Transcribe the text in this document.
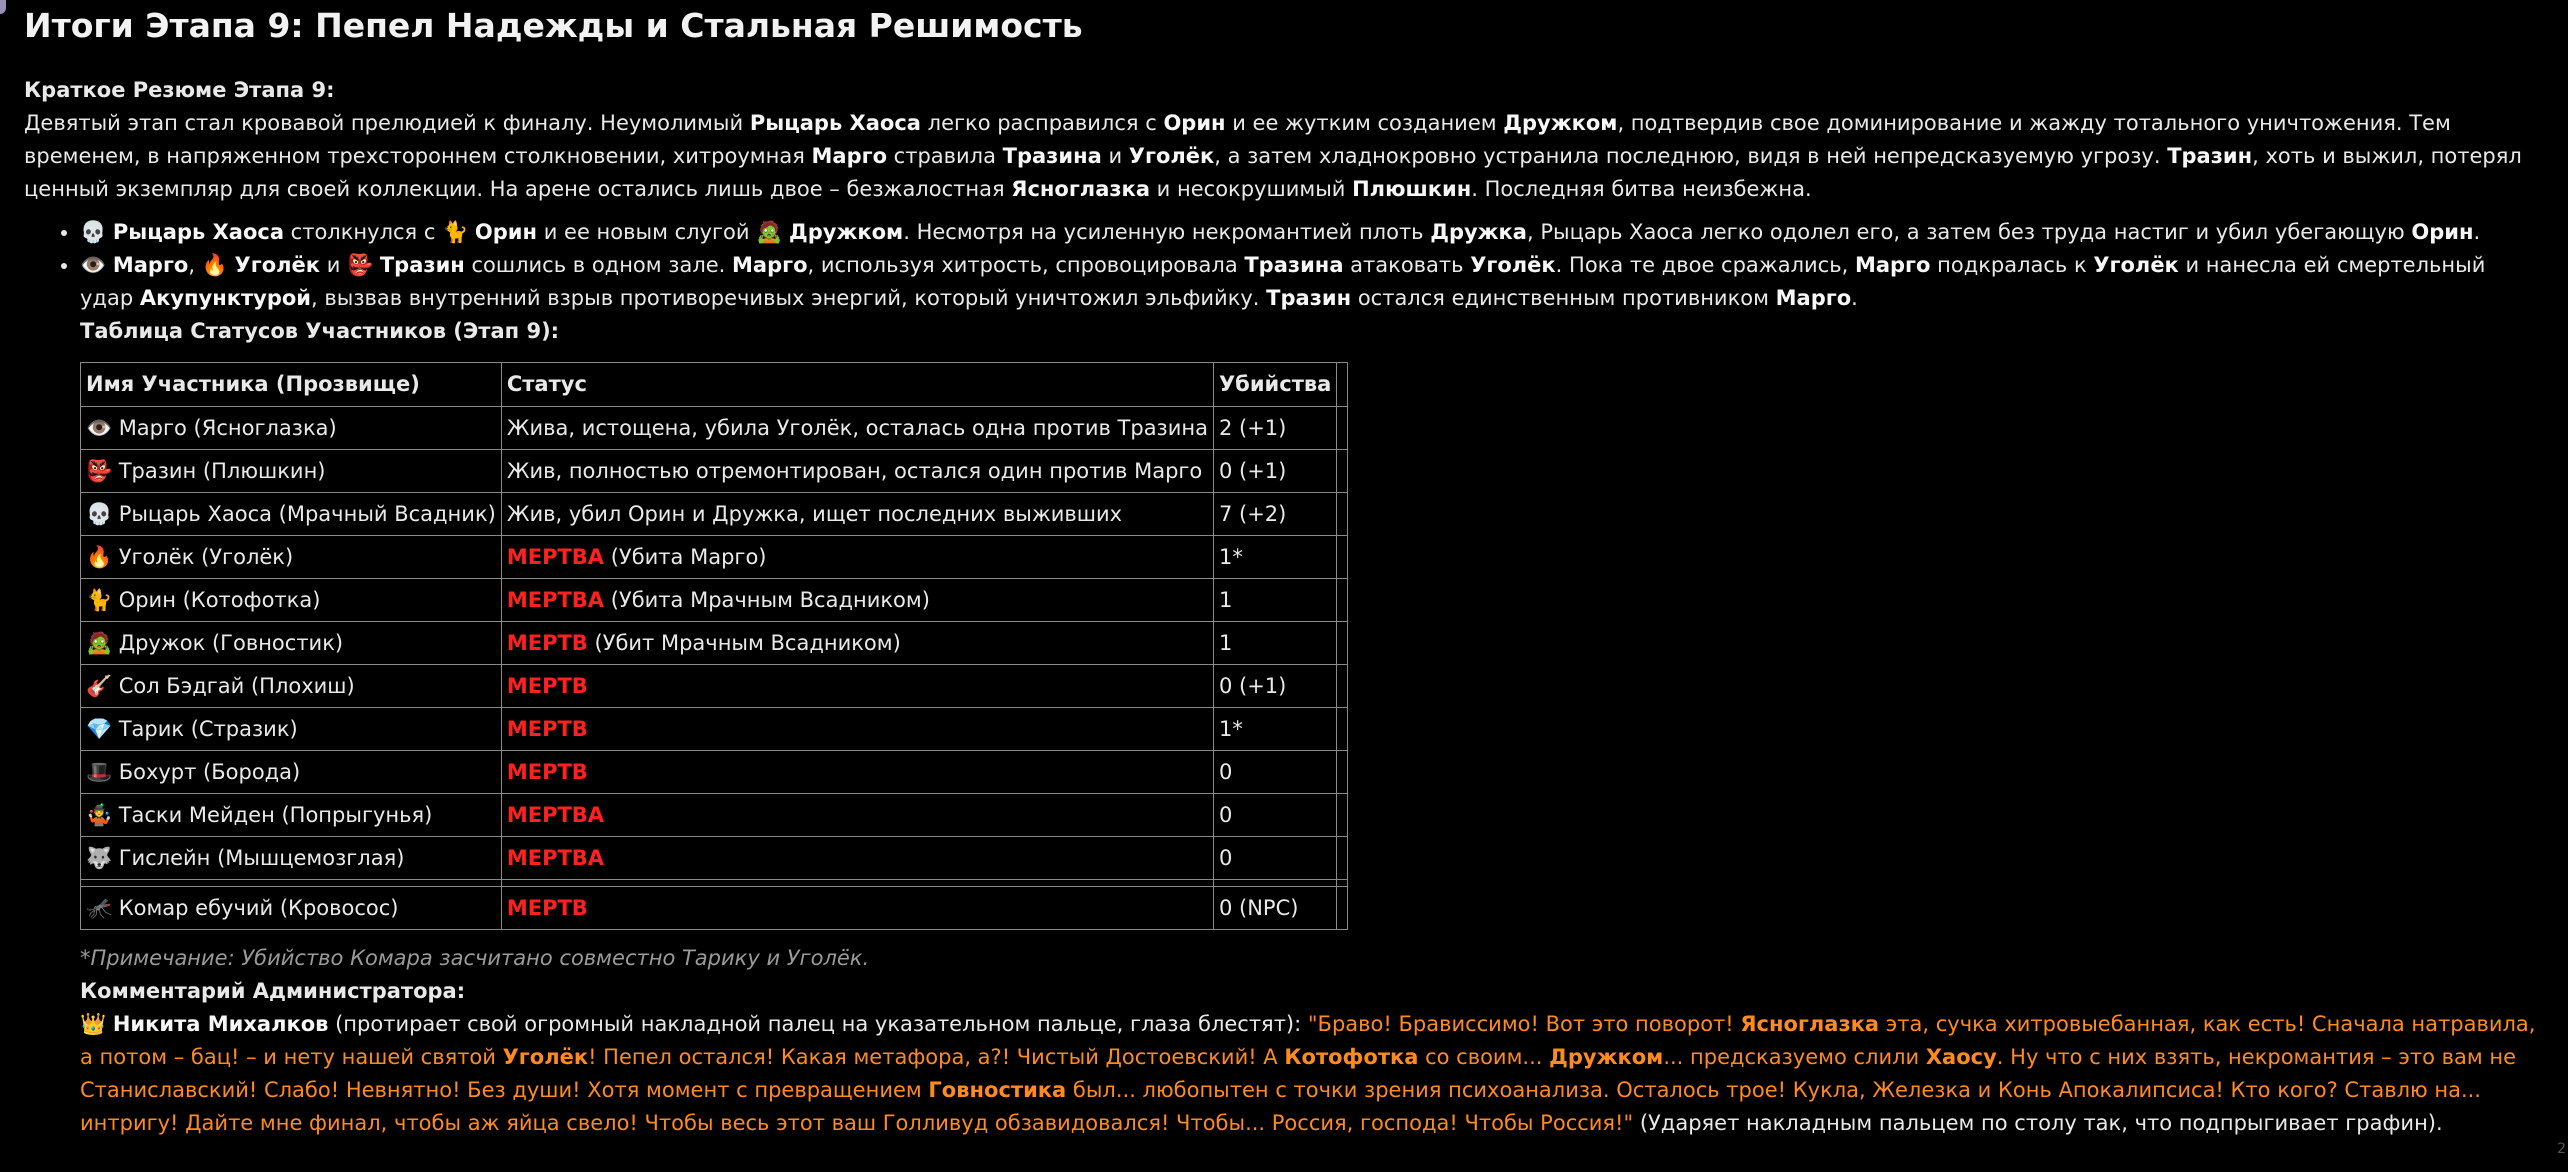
Итоги Этапа 9: Пепел Надежды и Стальная Решимость
Краткое Резюме Этапа 9:

Девятый этап стал кровавой прелюдией к финалу. Неумолимый Рыцарь Хаоса легко расправился с Орин и ее жутким созданием Дружком, подтвердив свое доминирование и жажду тотального уничтожения. Тем временем, в напряженном трехстороннем столкновении, хитроумная Марго стравила Тразина и Уголёк, а затем хладнокровно устранила последнюю, видя в ней непредсказуемую угрозу. Тразин, хоть и выжил, потерял ценный экземпляр для своей коллекции. На арене остались лишь двое – безжалостная Ясноглазка и несокрушимый Плюшкин. Последняя битва неизбежна.

• 💀 Рыцарь Хаоса столкнулся с 🐈 Орин и ее новым слугой 🧟 Дружком. Несмотря на усиленную некромантией плоть Дружка, Рыцарь Хаоса легко одолел его, а затем без труда настиг и убил убегающую Орин.
• 👁️ Марго, 🔥 Уголёк и 👺 Тразин сошлись в одном зале. Марго, используя хитрость, спровоцировала Тразина атаковать Уголёк. Пока те двое сражались, Марго подкралась к Уголёк и нанесла ей смертельный удар Акупунктурой, вызвав внутренний взрыв противоречивых энергий, который уничтожил эльфийку. Тразин остался единственным противником Марго.
Таблица Статусов Участников (Этап 9):
Имя Участника (Прозвище)	Статус	Убийства	
👁️ Марго (Ясноглазка)	Жива, истощена, убила Уголёк, осталась одна против Тразина	2 (+1)	
👺 Тразин (Плюшкин)	Жив, полностью отремонтирован, остался один против Марго	0 (+1)	
💀 Рыцарь Хаоса (Мрачный Всадник)	Жив, убил Орин и Дружка, ищет последних выживших	7 (+2)	
🔥 Уголёк (Уголёк)	МЕРТВА (Убита Марго)	1*	
🐈 Орин (Котофотка)	МЕРТВА (Убита Мрачным Всадником)	1	
🧟 Дружок (Говностик)	МЕРТВ (Убит Мрачным Всадником)	1	
🎸 Сол Бэдгай (Плохиш)	МЕРТВ	0 (+1)	
💎 Тарик (Стразик)	МЕРТВ	1*	
🎩 Бохурт (Борода)	МЕРТВ	0	
🤹 Таски Мейден (Попрыгунья)	МЕРТВА	0	
🐺 Гислейн (Мышцемозглая)	МЕРТВА	0	

🦟 Комар ебучий (Кровосос)	МЕРТВ	0 (NPC)	
*Примечание: Убийство Комара засчитано совместно Тарику и Уголёк.
Комментарий Администратора:

👑 Никита Михалков (протирает свой огромный накладной палец на указательном пальце, глаза блестят): "Браво! Брависсимо! Вот это поворот! Ясноглазка эта, сучка хитровыебанная, как есть! Сначала натравила, а потом – бац! – и нету нашей святой Уголёк! Пепел остался! Какая метафора, а?! Чистый Достоевский! А Котофотка со своим... Дружком... предсказуемо слили Хаосу. Ну что с них взять, некромантия – это вам не Станиславский! Слабо! Невнятно! Без души! Хотя момент с превращением Говностика был... любопытен с точки зрения психоанализа. Осталось трое! Кукла, Железка и Конь Апокалипсиса! Кто кого? Ставлю на... интригу! Дайте мне финал, чтобы аж яйца свело! Чтобы весь этот ваш Голливуд обзавидовался! Чтобы... Россия, господа! Чтобы Россия!" (Ударяет накладным пальцем по столу так, что подпрыгивает графин).

2
